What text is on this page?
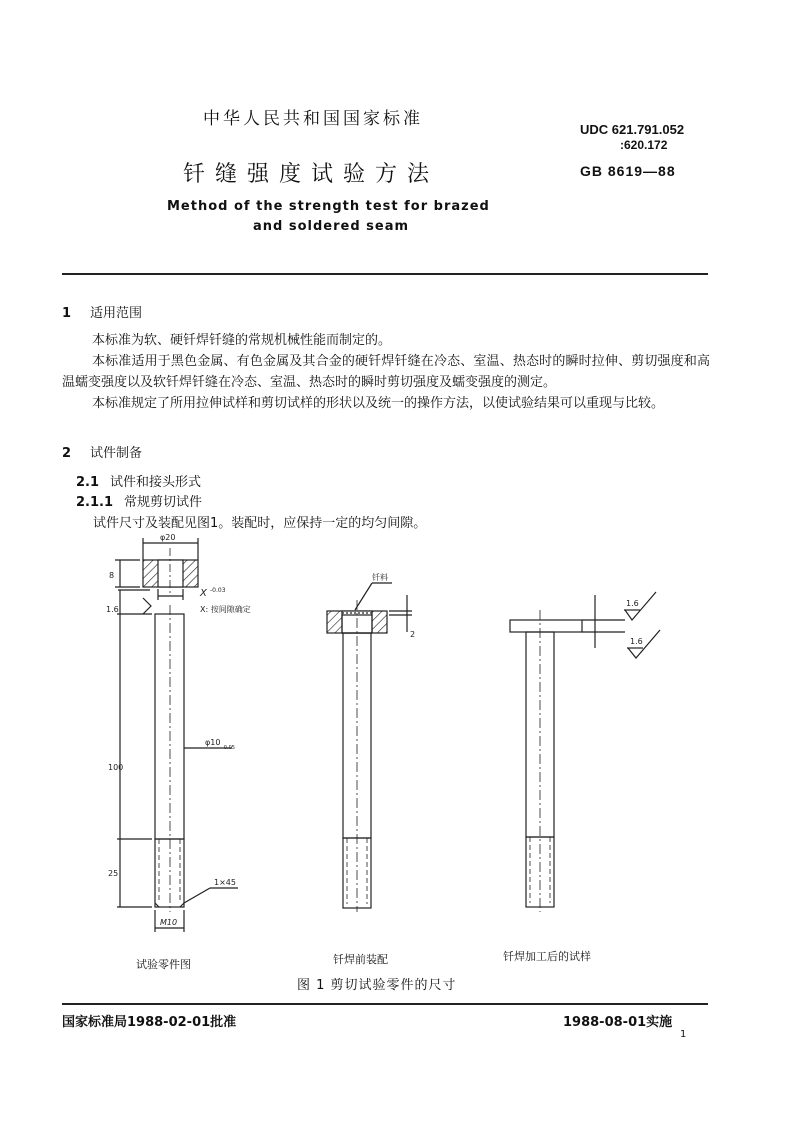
中华人民共和国国家标准
UDC 621.791.052
:620.172
钎缝强度试验方法	GB 8619—88
Method of the strength test for brazed
and soldered seam
1 适用范围
本标准为软、硬钎焊钎缝的常规机械性能而制定的。
本标准适用于黑色金属、有色金属及其合金的硬钎焊钎缝在冷态、室温、热态时的瞬时拉伸、剪切强度和高温蠕变强度以及软钎焊钎缝在冷态、室温、热态时的瞬时剪切强度及蠕变强度的测定。
本标准规定了所用拉伸试样和剪切试样的形状以及统一的操作方法，以使试验结果可以重现与比较。
2 试件制备
2.1 试件和接头形式
2.1.1 常规剪切试件
试件尺寸及装配见图1。装配时，应保持一定的均匀间隙。
φ20
8
X -0.03
X: 按间隙确定
1.6
100
φ10
-0.05
25
1×45
M10
钎料
2
1.6
1.6
试验零件图	钎焊前装配	钎焊加工后的试样
图 1 剪切试验零件的尺寸
国家标准局1988-02-01批准	1988-08-01实施
1
